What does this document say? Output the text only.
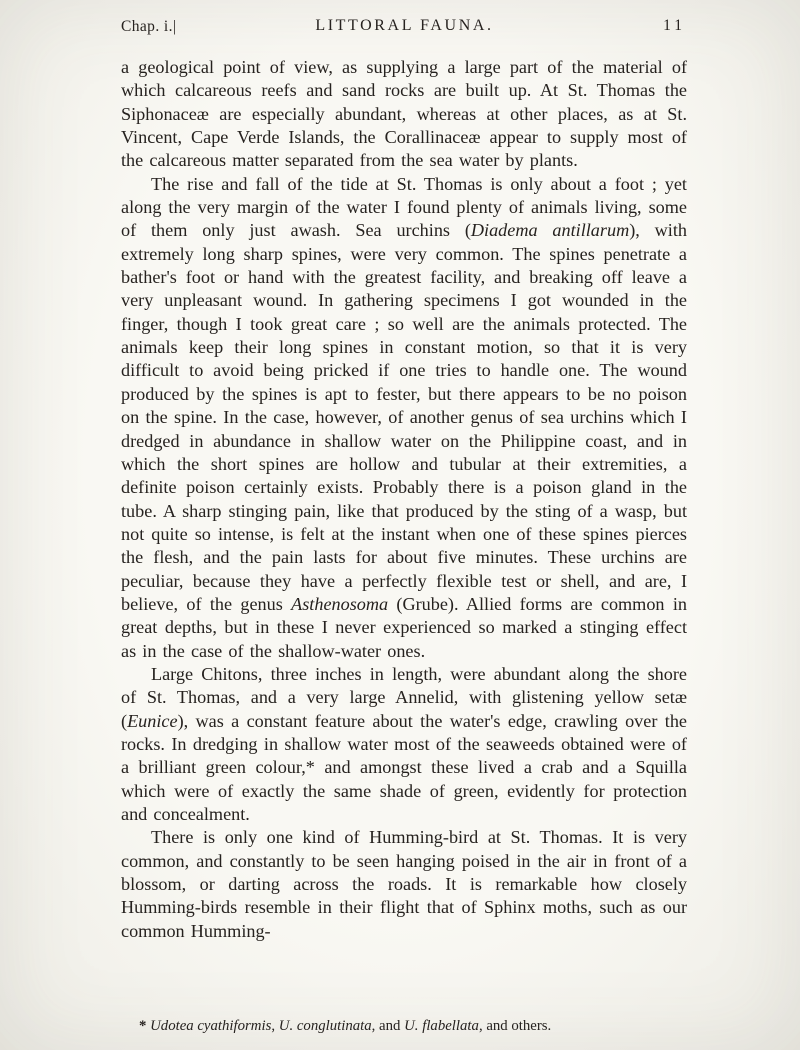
Chap. i.|	LITTORAL FAUNA.	11

a geological point of view, as supplying a large part of the material of which calcareous reefs and sand rocks are built up. At St. Thomas the Siphonaceæ are especially abundant, whereas at other places, as at St. Vincent, Cape Verde Islands, the Corallinaceæ appear to supply most of the calcareous matter separated from the sea water by plants.

The rise and fall of the tide at St. Thomas is only about a foot ; yet along the very margin of the water I found plenty of animals living, some of them only just awash. Sea urchins (Diadema antillarum), with extremely long sharp spines, were very common. The spines penetrate a bather's foot or hand with the greatest facility, and breaking off leave a very unpleasant wound. In gathering specimens I got wounded in the finger, though I took great care ; so well are the animals protected. The animals keep their long spines in constant motion, so that it is very difficult to avoid being pricked if one tries to handle one. The wound produced by the spines is apt to fester, but there appears to be no poison on the spine. In the case, however, of another genus of sea urchins which I dredged in abundance in shallow water on the Philippine coast, and in which the short spines are hollow and tubular at their extremities, a definite poison certainly exists. Probably there is a poison gland in the tube. A sharp stinging pain, like that produced by the sting of a wasp, but not quite so intense, is felt at the instant when one of these spines pierces the flesh, and the pain lasts for about five minutes. These urchins are peculiar, because they have a perfectly flexible test or shell, and are, I believe, of the genus Asthenosoma (Grube). Allied forms are common in great depths, but in these I never experienced so marked a stinging effect as in the case of the shallow-water ones.

Large Chitons, three inches in length, were abundant along the shore of St. Thomas, and a very large Annelid, with glistening yellow setæ (Eunice), was a constant feature about the water's edge, crawling over the rocks. In dredging in shallow water most of the seaweeds obtained were of a brilliant green colour,* and amongst these lived a crab and a Squilla which were of exactly the same shade of green, evidently for protection and concealment.

There is only one kind of Humming-bird at St. Thomas. It is very common, and constantly to be seen hanging poised in the air in front of a blossom, or darting across the roads. It is remarkable how closely Humming-birds resemble in their flight that of Sphinx moths, such as our common Humming-

* Udotea cyathiformis, U. conglutinata, and U. flabellata, and others.
